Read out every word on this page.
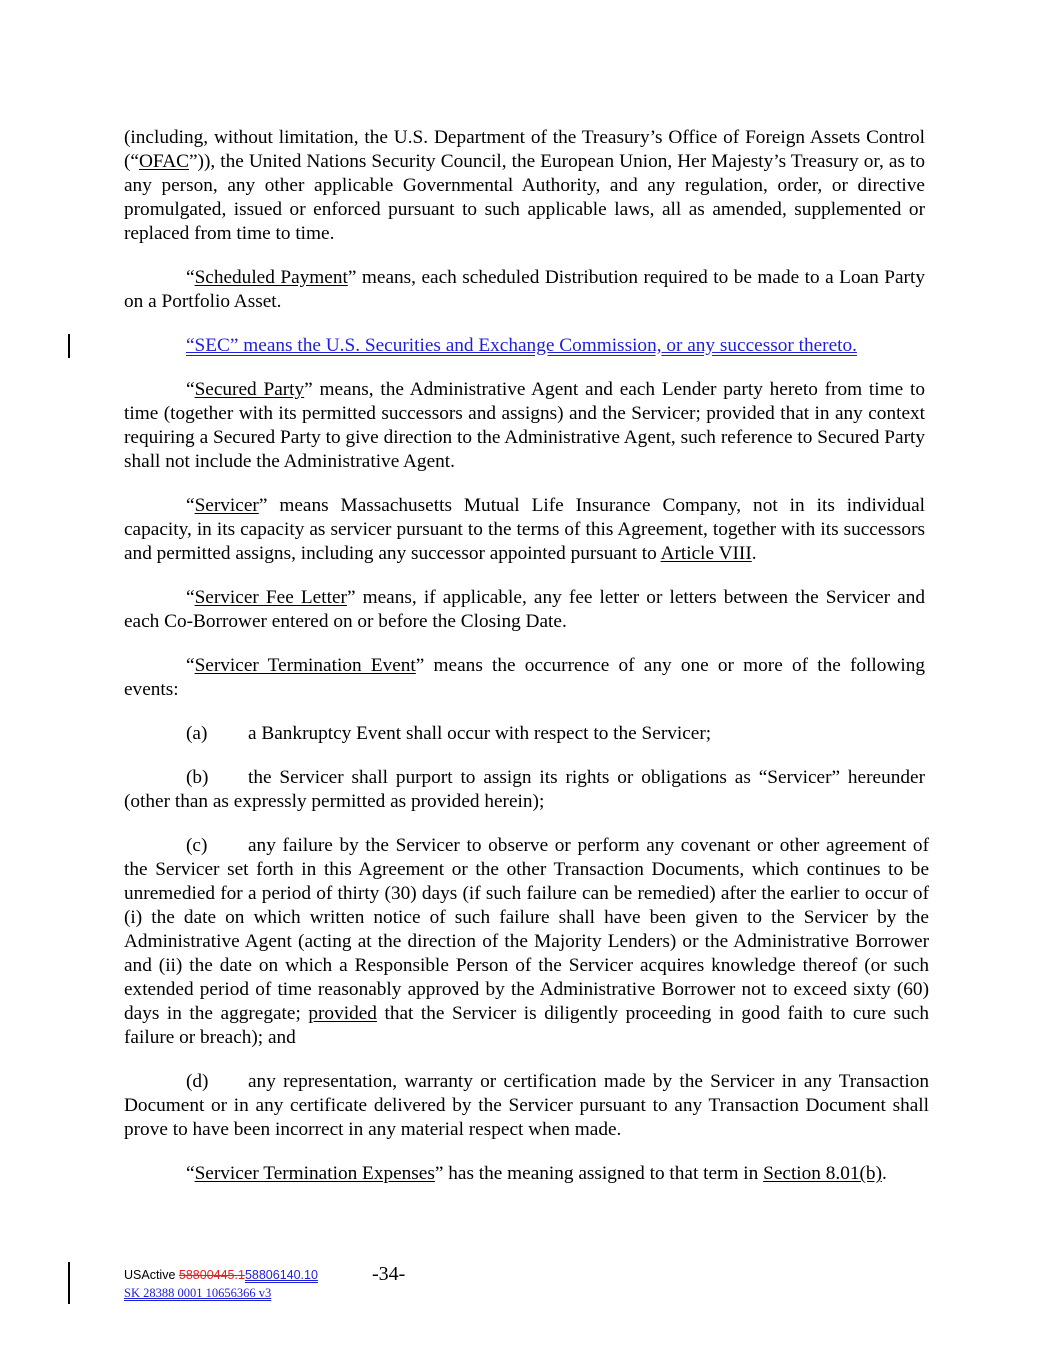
(including, without limitation, the U.S. Department of the Treasury’s Office of Foreign Assets Control (“OFAC”)), the United Nations Security Council, the European Union, Her Majesty’s Treasury or, as to any person, any other applicable Governmental Authority, and any regulation, order, or directive promulgated, issued or enforced pursuant to such applicable laws, all as amended, supplemented or replaced from time to time.

“Scheduled Payment” means, each scheduled Distribution required to be made to a Loan Party on a Portfolio Asset.

“SEC” means the U.S. Securities and Exchange Commission, or any successor thereto.

“Secured Party” means, the Administrative Agent and each Lender party hereto from time to time (together with its permitted successors and assigns) and the Servicer; provided that in any context requiring a Secured Party to give direction to the Administrative Agent, such reference to Secured Party shall not include the Administrative Agent.

“Servicer” means Massachusetts Mutual Life Insurance Company, not in its individual capacity, in its capacity as servicer pursuant to the terms of this Agreement, together with its successors and permitted assigns, including any successor appointed pursuant to Article VIII.

“Servicer Fee Letter” means, if applicable, any fee letter or letters between the Servicer and each Co-Borrower entered on or before the Closing Date.

“Servicer Termination Event” means the occurrence of any one or more of the following events:

(a) a Bankruptcy Event shall occur with respect to the Servicer;

(b) the Servicer shall purport to assign its rights or obligations as “Servicer” hereunder (other than as expressly permitted as provided herein);

(c) any failure by the Servicer to observe or perform any covenant or other agreement of the Servicer set forth in this Agreement or the other Transaction Documents, which continues to be unremedied for a period of thirty (30) days (if such failure can be remedied) after the earlier to occur of (i) the date on which written notice of such failure shall have been given to the Servicer by the Administrative Agent (acting at the direction of the Majority Lenders) or the Administrative Borrower and (ii) the date on which a Responsible Person of the Servicer acquires knowledge thereof (or such extended period of time reasonably approved by the Administrative Borrower not to exceed sixty (60) days in the aggregate; provided that the Servicer is diligently proceeding in good faith to cure such failure or breach); and

(d) any representation, warranty or certification made by the Servicer in any Transaction Document or in any certificate delivered by the Servicer pursuant to any Transaction Document shall prove to have been incorrect in any material respect when made.

“Servicer Termination Expenses” has the meaning assigned to that term in Section 8.01(b).

USActive 58800445.158806140.10
SK 28388 0001 10656366 v3
-34-
